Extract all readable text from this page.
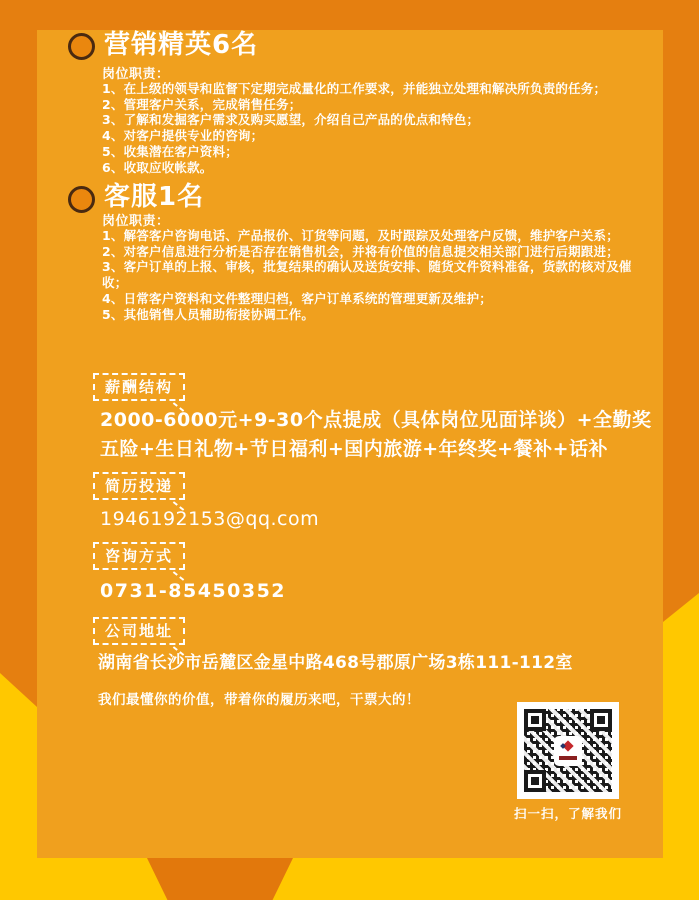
营销精英6名
岗位职责：
1、在上级的领导和监督下定期完成量化的工作要求，并能独立处理和解决所负责的任务；
2、管理客户关系，完成销售任务；
3、了解和发掘客户需求及购买愿望，介绍自己产品的优点和特色；
4、对客户提供专业的咨询；
5、收集潜在客户资料；
6、收取应收帐款。
客服1名
岗位职责：
1、解答客户咨询电话、产品报价、订货等问题，及时跟踪及处理客户反馈，维护客户关系；
2、对客户信息进行分析是否存在销售机会，并将有价值的信息提交相关部门进行后期跟进；
3、客户订单的上报、审核，批复结果的确认及送货安排、随货文件资料准备，货款的核对及催收；
4、日常客户资料和文件整理归档，客户订单系统的管理更新及维护；
5、其他销售人员辅助衔接协调工作。
薪酬结构
2000-6000元+9-30个点提成（具体岗位见面详谈）+全勤奖
五险+生日礼物+节日福利+国内旅游+年终奖+餐补+话补
简历投递
1946192153@qq.com
咨询方式
0731-85450352
公司地址
湖南省长沙市岳麓区金星中路468号郡原广场3栋111-112室
我们最懂你的价值，带着你的履历来吧，干票大的！
扫一扫，了解我们
